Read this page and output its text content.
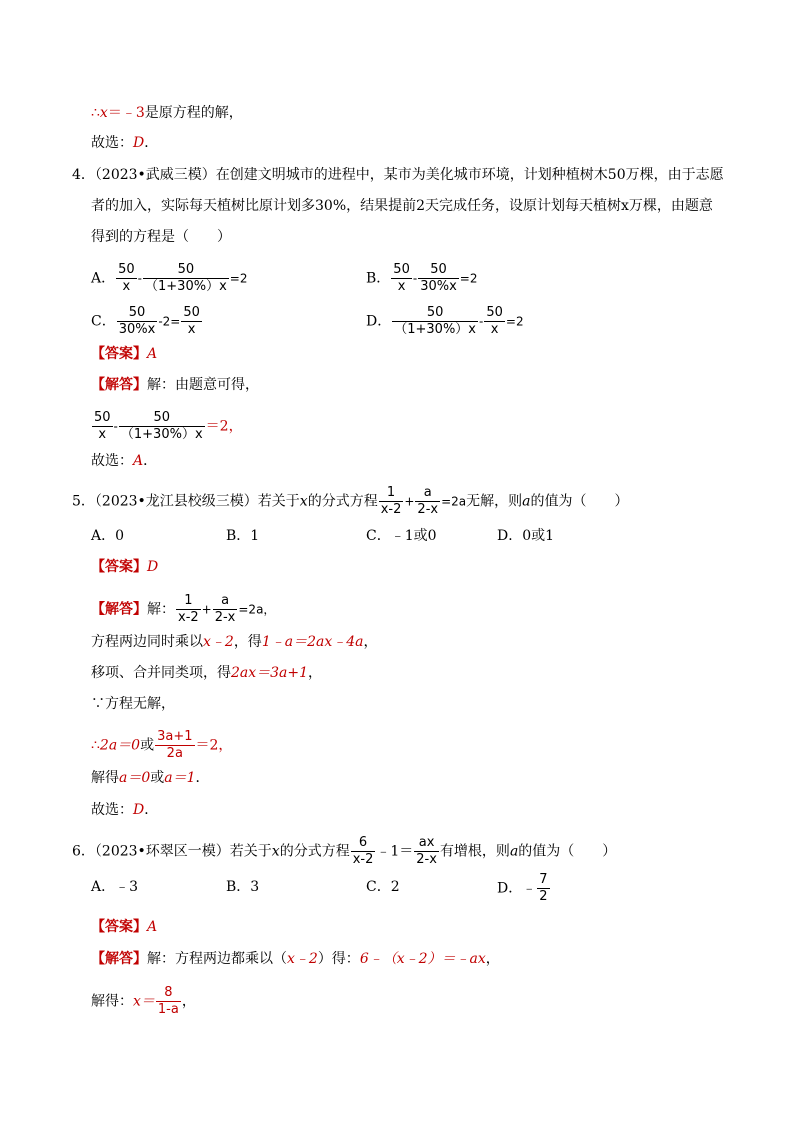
∴x＝﹣3是原方程的解，
故选：D．
4．（2023•武威三模）在创建文明城市的进程中，某市为美化城市环境，计划种植树木50万棵，由于志愿
者的加入，实际每天植树比原计划多30%，结果提前2天完成任务，设原计划每天植树x万棵，由题意
得到的方程是（　　）
A． $\frac{50}{x} - \frac{50}{(1+30\%)x} =2$	B． $\frac{50}{x} - \frac{50}{30\%x} =2$
C． $\frac{50}{30\%x} -2= \frac{50}{x}$	D． $\frac{50}{(1+30\%)x} - \frac{50}{x} =2$
【答案】A
【解答】解：由题意可得，
$\frac{50}{x} - \frac{50}{(1+30\%)x} =2$，
故选：A．
5．（2023•龙江县校级三模）若关于x的分式方程 $\frac{1}{x-2} + \frac{a}{2-x} =2a$无解，则a的值为（　　）
A．0	B．1	C．﹣1或0	D．0或1
【答案】D
【解答】解： $\frac{1}{x-2} + \frac{a}{2-x} =2a$，
方程两边同时乘以x﹣2，得1﹣a＝2ax﹣4a，
移项、合并同类项，得2ax＝3a+1，
∵方程无解，
∴2a＝0或 $\frac{3a+1}{2a} =2$，
解得a＝0或a＝1．
故选：D．
6．（2023•环翠区一模）若关于x的分式方程 $\frac{6}{x-2}$ ﹣1＝ $\frac{ax}{2-x}$ 有增根，则a的值为（　　）
A．﹣3	B．3	C．2	D．﹣ $\frac{7}{2}$
【答案】A
【解答】解：方程两边都乘以（x﹣2）得：6﹣（x﹣2）＝﹣ax，
解得：$x= \frac{8}{1-a}$ ，
